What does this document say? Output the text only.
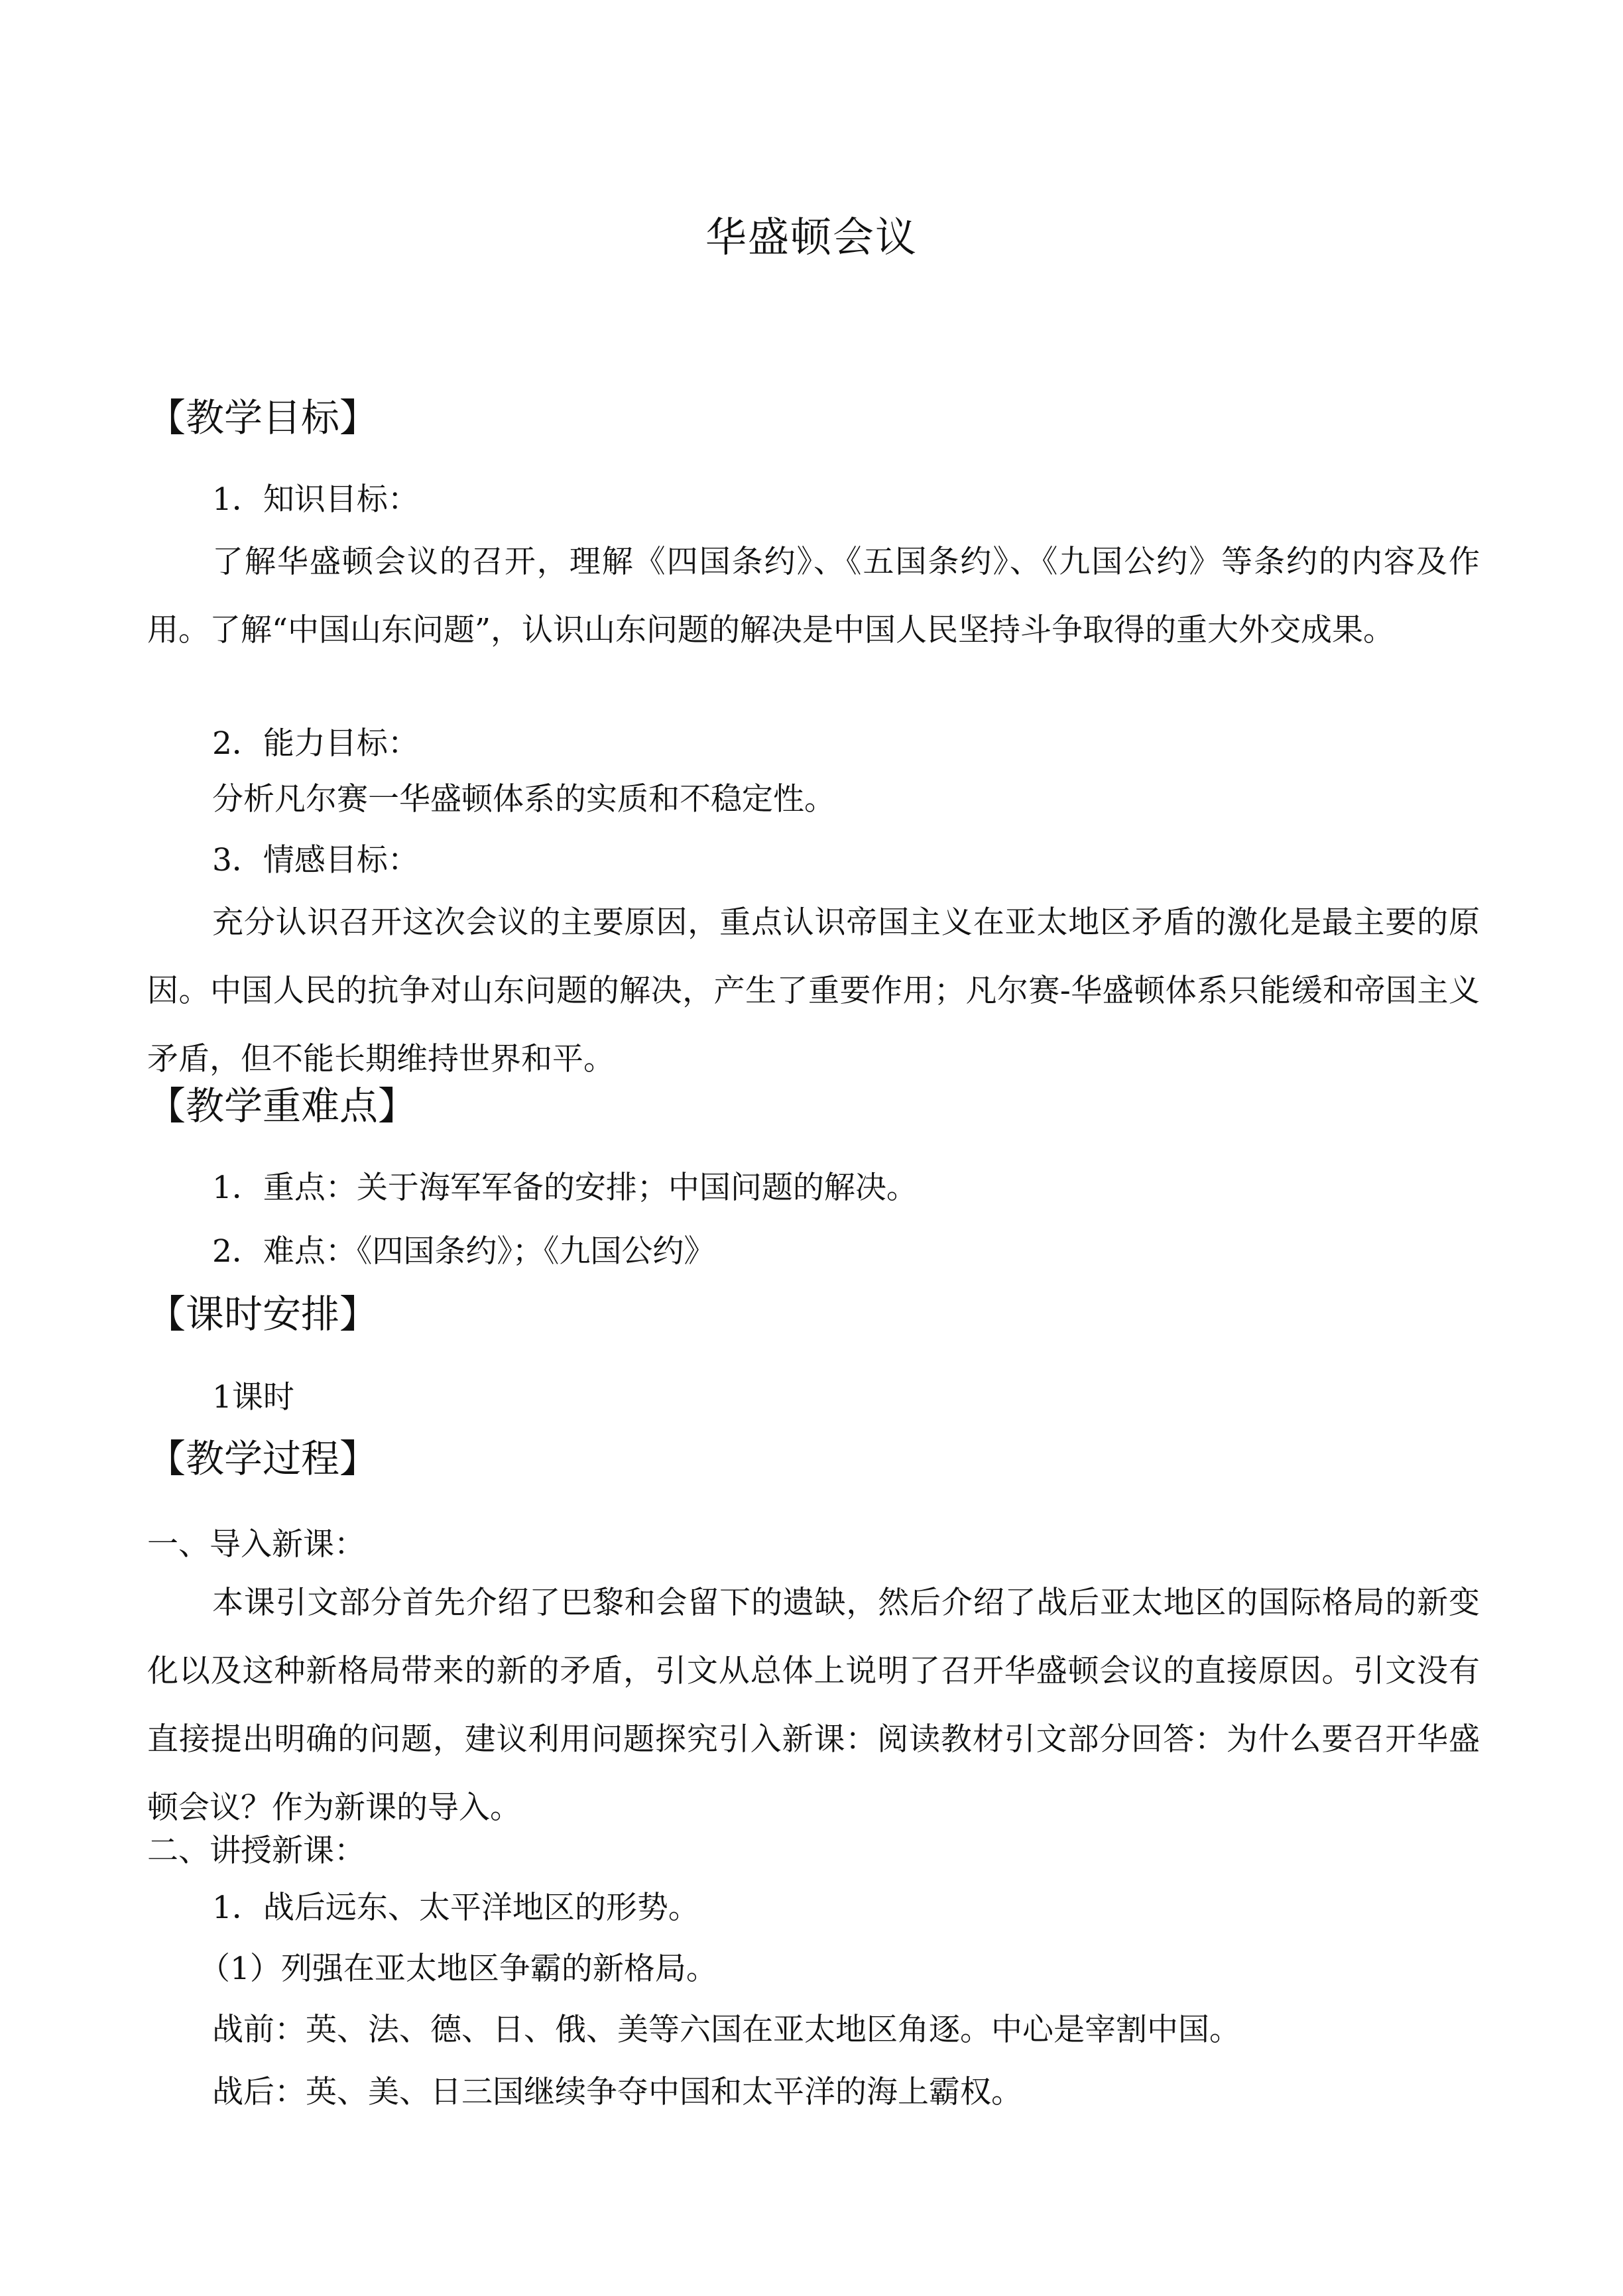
华盛顿会议
【教学目标】
1．知识目标：
了解华盛顿会议的召开，理解《四国条约》、《五国条约》、《九国公约》等条约的内容及作用。了解“中国山东问题”，认识山东问题的解决是中国人民坚持斗争取得的重大外交成果。
2．能力目标：
分析凡尔赛一华盛顿体系的实质和不稳定性。
3．情感目标：
充分认识召开这次会议的主要原因，重点认识帝国主义在亚太地区矛盾的激化是最主要的原因。中国人民的抗争对山东问题的解决，产生了重要作用；凡尔赛-华盛顿体系只能缓和帝国主义矛盾，但不能长期维持世界和平。
【教学重难点】
1．重点：关于海军军备的安排；中国问题的解决。
2．难点：《四国条约》；《九国公约》
【课时安排】
1课时
【教学过程】
一、导入新课：
本课引文部分首先介绍了巴黎和会留下的遗缺，然后介绍了战后亚太地区的国际格局的新变化以及这种新格局带来的新的矛盾，引文从总体上说明了召开华盛顿会议的直接原因。引文没有直接提出明确的问题，建议利用问题探究引入新课：阅读教材引文部分回答：为什么要召开华盛顿会议？作为新课的导入。
二、讲授新课：
1．战后远东、太平洋地区的形势。
（1）列强在亚太地区争霸的新格局。
战前：英、法、德、日、俄、美等六国在亚太地区角逐。中心是宰割中国。
战后：英、美、日三国继续争夺中国和太平洋的海上霸权。
